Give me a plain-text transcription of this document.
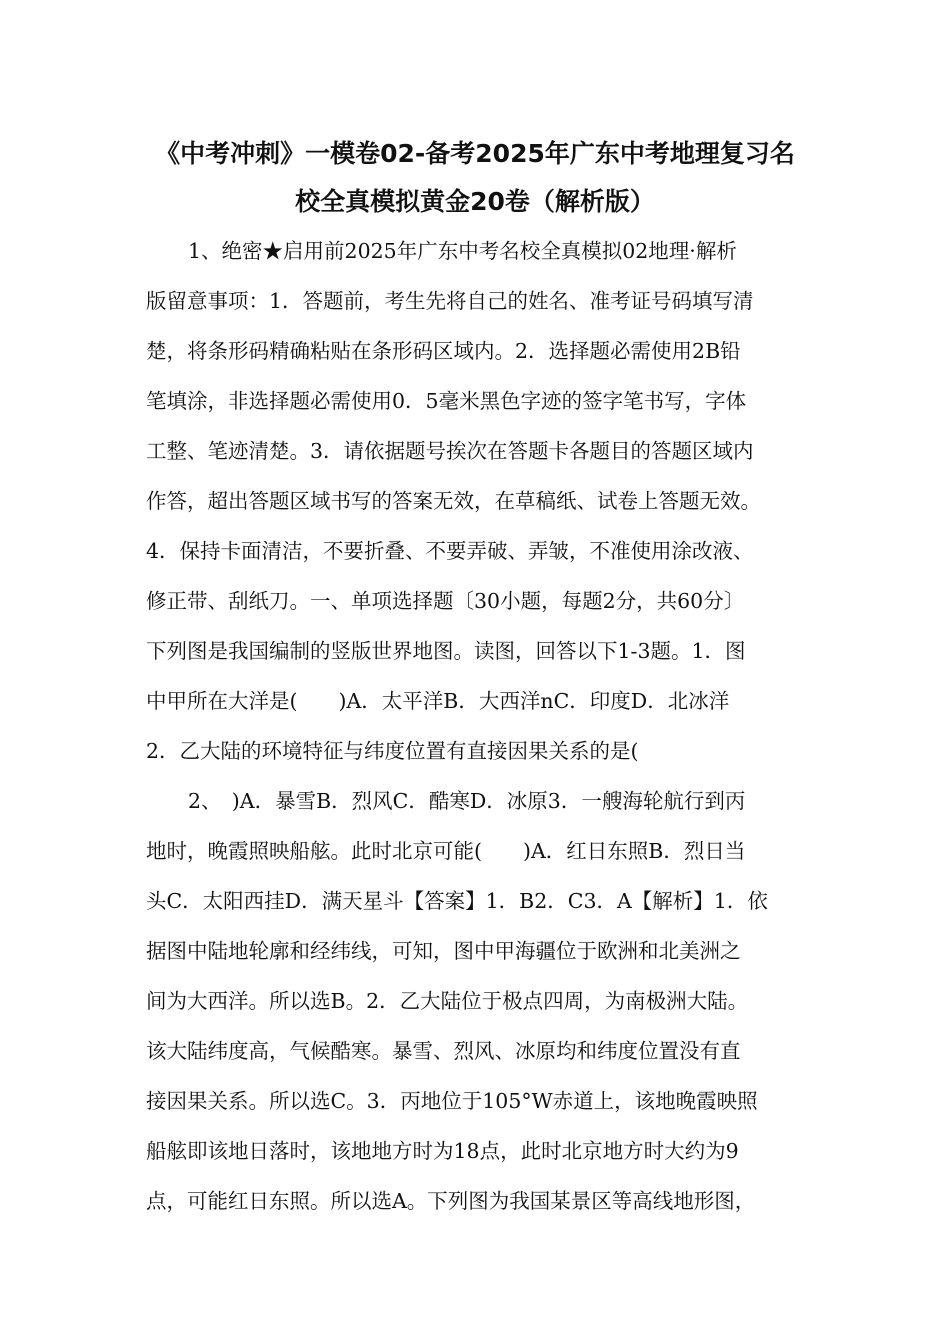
《中考冲刺》一模卷02-备考2025年广东中考地理复习名
校全真模拟黄金20卷（解析版）
1、绝密★启用前2025年广东中考名校全真模拟02地理·解析
版留意事项：1．答题前，考生先将自己的姓名、准考证号码填写清
楚，将条形码精确粘贴在条形码区域内。2．选择题必需使用2B铅
笔填涂，非选择题必需使用0．5毫米黑色字迹的签字笔书写，字体
工整、笔迹清楚。3．请依据题号挨次在答题卡各题目的答题区域内
作答，超出答题区域书写的答案无效，在草稿纸、试卷上答题无效。
4．保持卡面清洁，不要折叠、不要弄破、弄皱，不准使用涂改液、
修正带、刮纸刀。一、单项选择题〔30小题，每题2分，共60分〕
下列图是我国编制的竖版世界地图。读图，回答以下1-3题。1．图
中甲所在大洋是(　　)A．太平洋B．大西洋nC．印度D．北冰洋
2．乙大陆的环境特征与纬度位置有直接因果关系的是(
2、　)A．暴雪B．烈风C．酷寒D．冰原3．一艘海轮航行到丙
地时，晚霞照映船舷。此时北京可能(　　)A．红日东照B．烈日当
头C．太阳西挂D．满天星斗【答案】1．B2．C3．A【解析】1．依
据图中陆地轮廓和经纬线，可知，图中甲海疆位于欧洲和北美洲之
间为大西洋。所以选B。2．乙大陆位于极点四周，为南极洲大陆。
该大陆纬度高，气候酷寒。暴雪、烈风、冰原均和纬度位置没有直
接因果关系。所以选C。3．丙地位于105°W赤道上，该地晚霞映照
船舷即该地日落时，该地地方时为18点，此时北京地方时大约为9
点，可能红日东照。所以选A。下列图为我国某景区等高线地形图，
